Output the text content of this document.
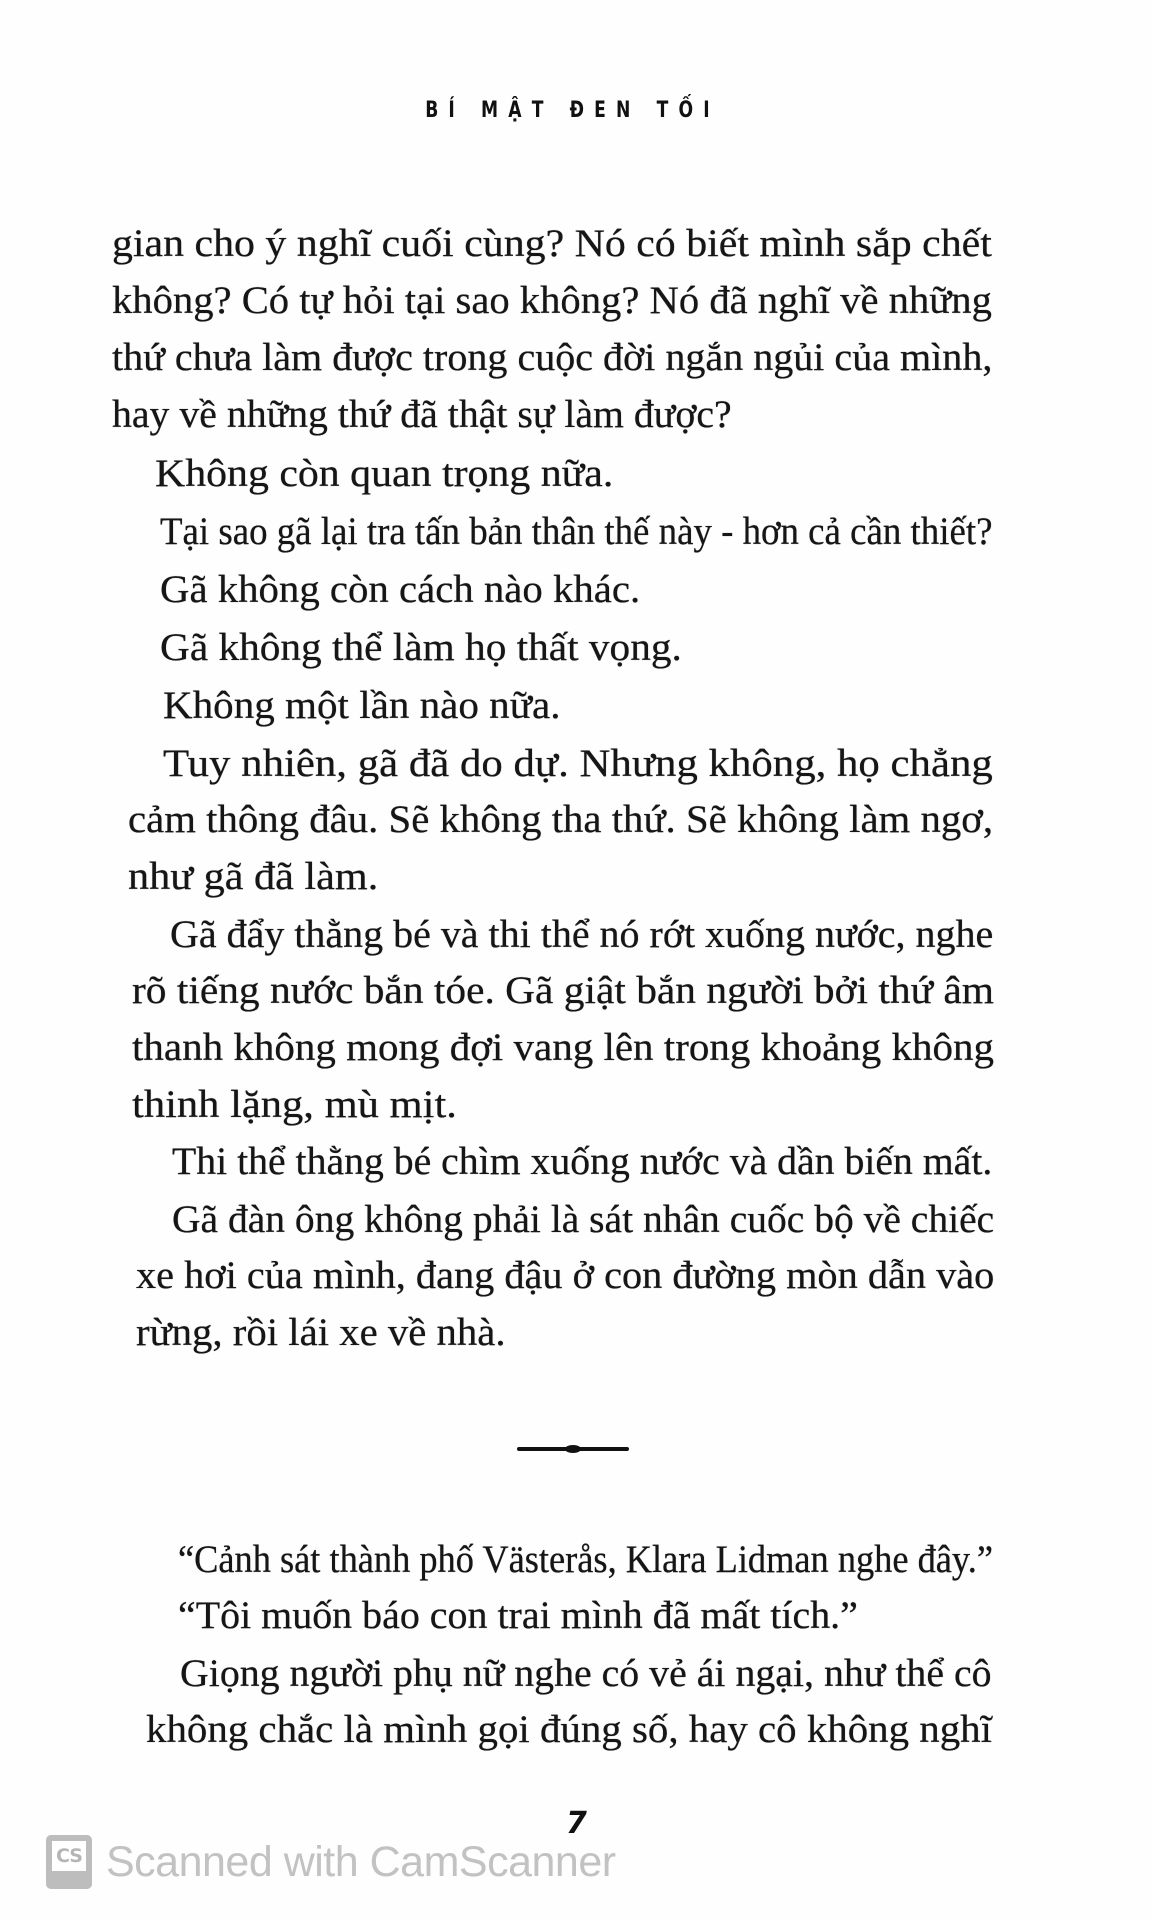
BÍ MẬT ĐEN TỐI
gian cho ý nghĩ cuối cùng? Nó có biết mình sắp chết
không? Có tự hỏi tại sao không? Nó đã nghĩ về những
thứ chưa làm được trong cuộc đời ngắn ngủi của mình,
hay về những thứ đã thật sự làm được?
Không còn quan trọng nữa.
Tại sao gã lại tra tấn bản thân thế này - hơn cả cần thiết?
Gã không còn cách nào khác.
Gã không thể làm họ thất vọng.
Không một lần nào nữa.
Tuy nhiên, gã đã do dự. Nhưng không, họ chẳng
cảm thông đâu. Sẽ không tha thứ. Sẽ không làm ngơ,
như gã đã làm.
Gã đẩy thằng bé và thi thể nó rớt xuống nước, nghe
rõ tiếng nước bắn tóe. Gã giật bắn người bởi thứ âm
thanh không mong đợi vang lên trong khoảng không
thinh lặng, mù mịt.
Thi thể thằng bé chìm xuống nước và dần biến mất.
Gã đàn ông không phải là sát nhân cuốc bộ về chiếc
xe hơi của mình, đang đậu ở con đường mòn dẫn vào
rừng, rồi lái xe về nhà.
“Cảnh sát thành phố Västerås, Klara Lidman nghe đây.”
“Tôi muốn báo con trai mình đã mất tích.”
Giọng người phụ nữ nghe có vẻ ái ngại, như thể cô
không chắc là mình gọi đúng số, hay cô không nghĩ
7
CS Scanned with CamScanner
